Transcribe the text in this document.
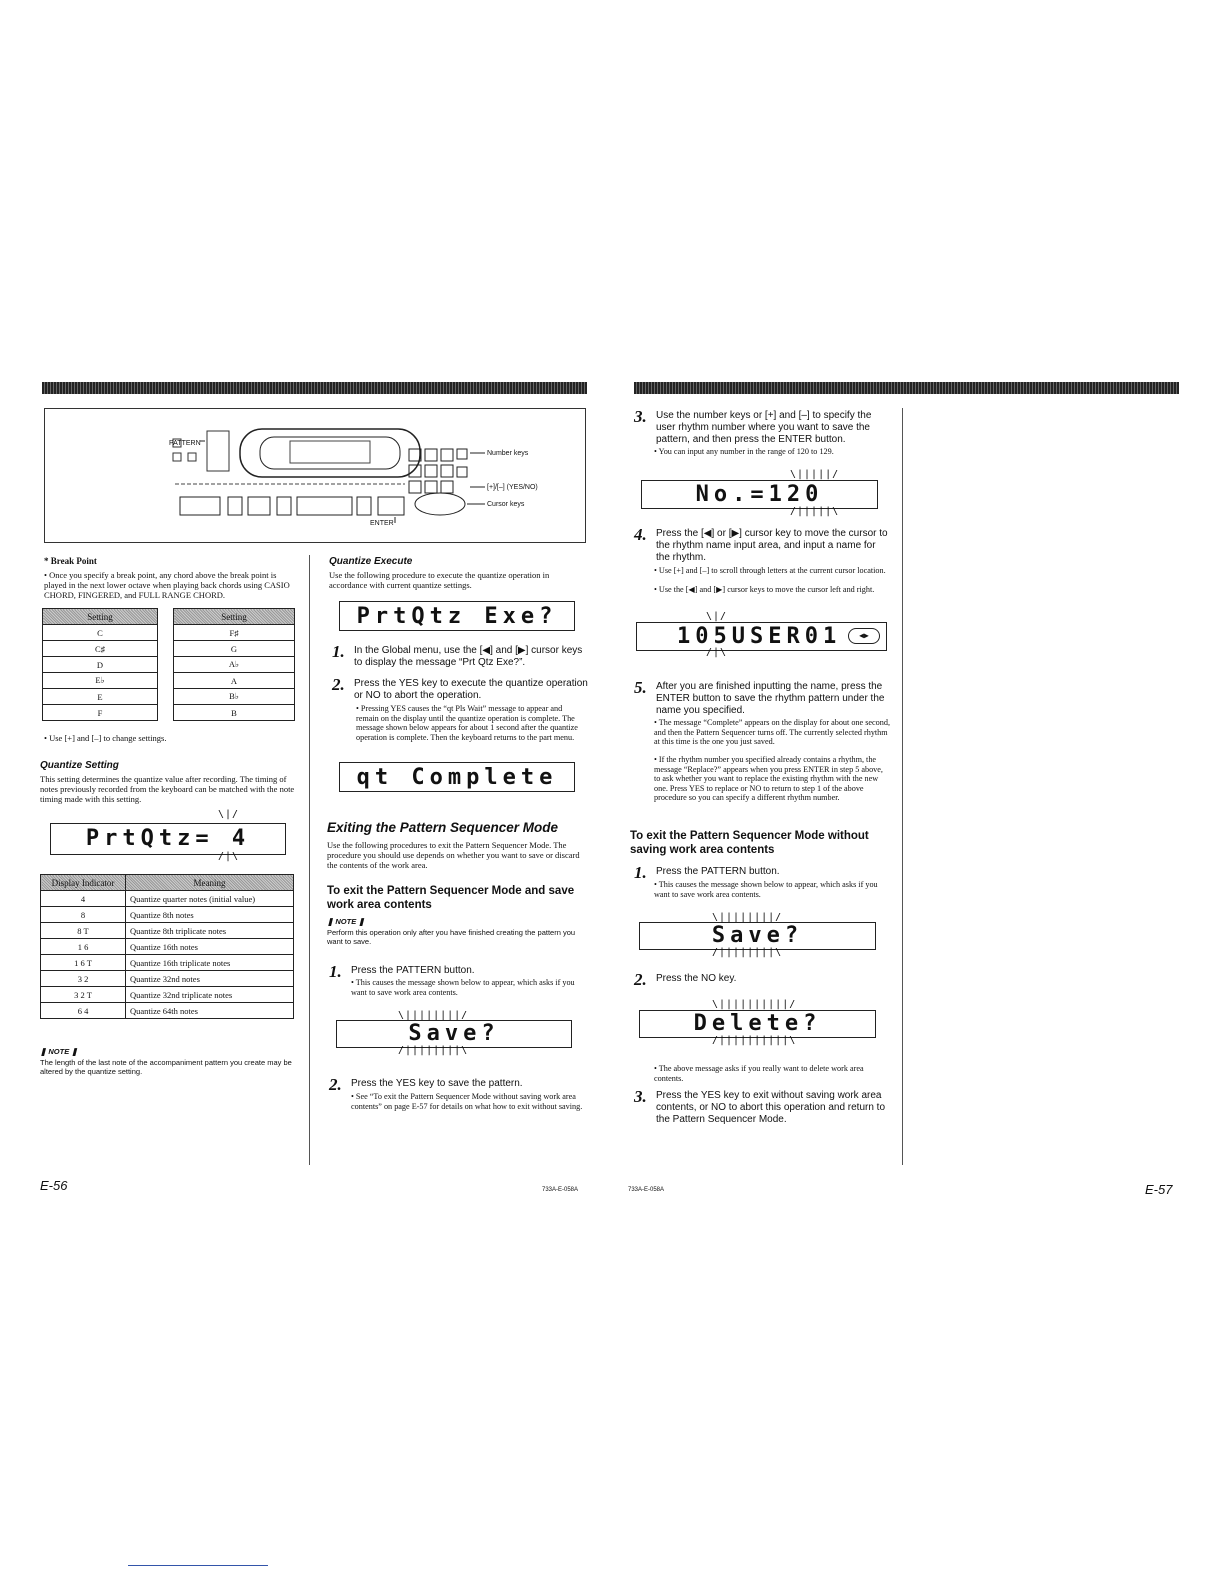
PATTERN
Number keys
[+]/[–] (YES/NO)
Cursor keys
ENTER
* Break Point
• Once you specify a break point, any chord above the break point is played in the next lower octave when playing back chords using CASIO CHORD, FINGERED, and FULL RANGE CHORD.
Setting
C
C♯
D
E♭
E
F
Setting
F♯
G
A♭
A
B♭
B
• Use [+] and [–] to change settings.
Quantize Setting
This setting determines the quantize value after recording. The timing of notes previously recorded from the keyboard can be matched with the note timing made with this setting.
\|/
PrtQtz= 4
/|\
Display Indicator	Meaning
4	Quantize quarter notes (initial value)
8	Quantize 8th notes
8 T	Quantize 8th triplicate notes
1 6	Quantize 16th notes
1 6 T	Quantize 16th triplicate notes
3 2	Quantize 32nd notes
3 2 T	Quantize 32nd triplicate notes
6 4	Quantize 64th notes
❚ NOTE ❚
The length of the last note of the accompaniment pattern you create may be altered by the quantize setting.
E-56	733A-E-058A
Quantize Execute
Use the following procedure to execute the quantize operation in accordance with current quantize settings.
PrtQtz Exe?
1. In the Global menu, use the [◀] and [▶] cursor keys to display the message “Prt Qtz Exe?”.
2. Press the YES key to execute the quantize operation or NO to abort the operation.
• Pressing YES causes the “qt Pls Wait” message to appear and remain on the display until the quantize operation is complete. The message shown below appears for about 1 second after the quantize operation is complete. Then the keyboard returns to the part menu.
qt Complete
Exiting the Pattern Sequencer Mode
Use the following procedures to exit the Pattern Sequencer Mode. The procedure you should use depends on whether you want to save or discard the contents of the work area.
To exit the Pattern Sequencer Mode and save work area contents
❚ NOTE ❚
Perform this operation only after you have finished creating the pattern you want to save.
1. Press the PATTERN button.
• This causes the message shown below to appear, which asks if you want to save work area contents.
\||||||||/
Save?
/||||||||\
2. Press the YES key to save the pattern.
• See “To exit the Pattern Sequencer Mode without saving work area contents” on page E-57 for details on what how to exit without saving.
3. Use the number keys or [+] and [–] to specify the user rhythm number where you want to save the pattern, and then press the ENTER button.
• You can input any number in the range of 120 to 129.
\|||||/
No.=120
/|||||\
4. Press the [◀] or [▶] cursor key to move the cursor to the rhythm name input area, and input a name for the rhythm.
• Use [+] and [–] to scroll through letters at the current cursor location.
• Use the [◀] and [▶] cursor keys to move the cursor left and right.
\|/
105USER01	◀▶
/|\
5. After you are finished inputting the name, press the ENTER button to save the rhythm pattern under the name you specified.
• The message “Complete” appears on the display for about one second, and then the Pattern Sequencer turns off. The currently selected rhythm at this time is the one you just saved.
• If the rhythm number you specified already contains a rhythm, the message “Replace?” appears when you press ENTER in step 5 above, to ask whether you want to replace the existing rhythm with the new one. Press YES to replace or NO to return to step 1 of the above procedure so you can specify a different rhythm number.
To exit the Pattern Sequencer Mode without saving work area contents
1. Press the PATTERN button.
• This causes the message shown below to appear, which asks if you want to save work area contents.
\||||||||/
Save?
/||||||||\
2. Press the NO key.
\||||||||||/
Delete?
/||||||||||\
• The above message asks if you really want to delete work area contents.
3. Press the YES key to exit without saving work area contents, or NO to abort this operation and return to the Pattern Sequencer Mode.
733A-E-058A	E-57
